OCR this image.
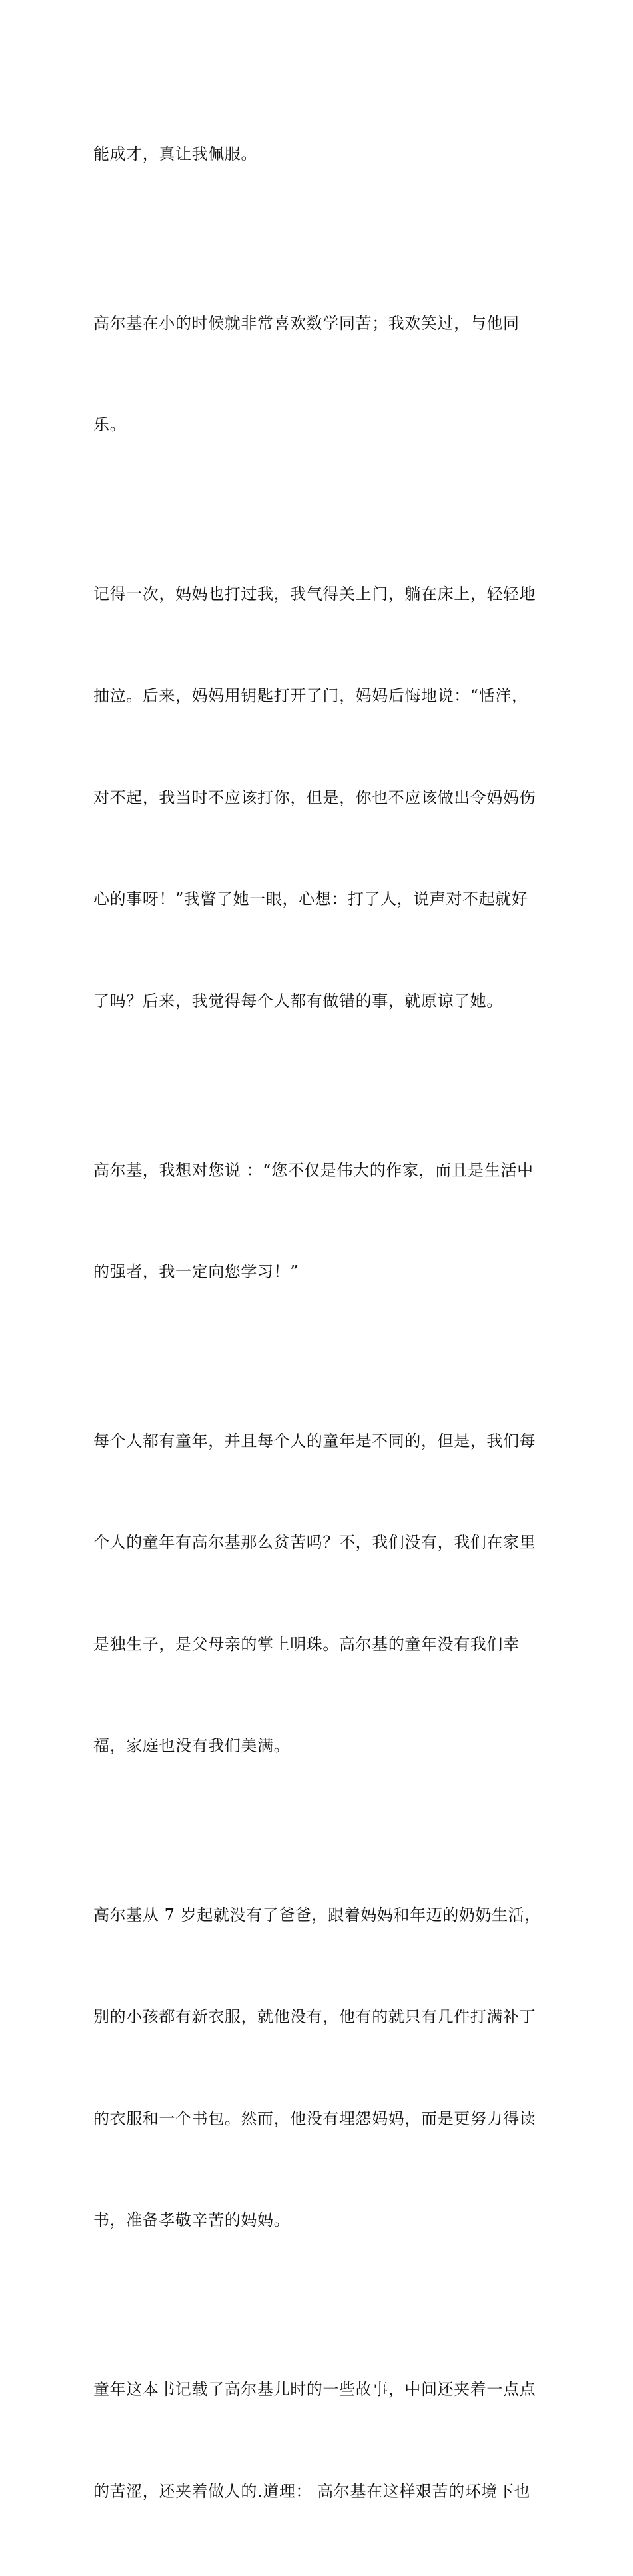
能成才，真让我佩服。

高尔基在小的时候就非常喜欢数学同苦；我欢笑过，与他同

乐。

记得一次，妈妈也打过我，我气得关上门，躺在床上，轻轻地

抽泣。后来，妈妈用钥匙打开了门，妈妈后悔地说：“恬洋，

对不起，我当时不应该打你，但是，你也不应该做出令妈妈伤

心的事呀！”我瞥了她一眼，心想：打了人，说声对不起就好

了吗？后来，我觉得每个人都有做错的事，就原谅了她。

高尔基，我想对您说 ：“您不仅是伟大的作家，而且是生活中

的强者，我一定向您学习！”

每个人都有童年，并且每个人的童年是不同的，但是，我们每

个人的童年有高尔基那么贫苦吗？不，我们没有，我们在家里

是独生子，是父母亲的掌上明珠。高尔基的童年没有我们幸

福，家庭也没有我们美满。

高尔基从 7 岁起就没有了爸爸，跟着妈妈和年迈的奶奶生活，

别的小孩都有新衣服，就他没有，他有的就只有几件打满补丁

的衣服和一个书包。然而，他没有埋怨妈妈，而是更努力得读

书，准备孝敬辛苦的妈妈。

童年这本书记载了高尔基儿时的一些故事，中间还夹着一点点

的苦涩，还夹着做人的.道理： 高尔基在这样艰苦的环境下也
